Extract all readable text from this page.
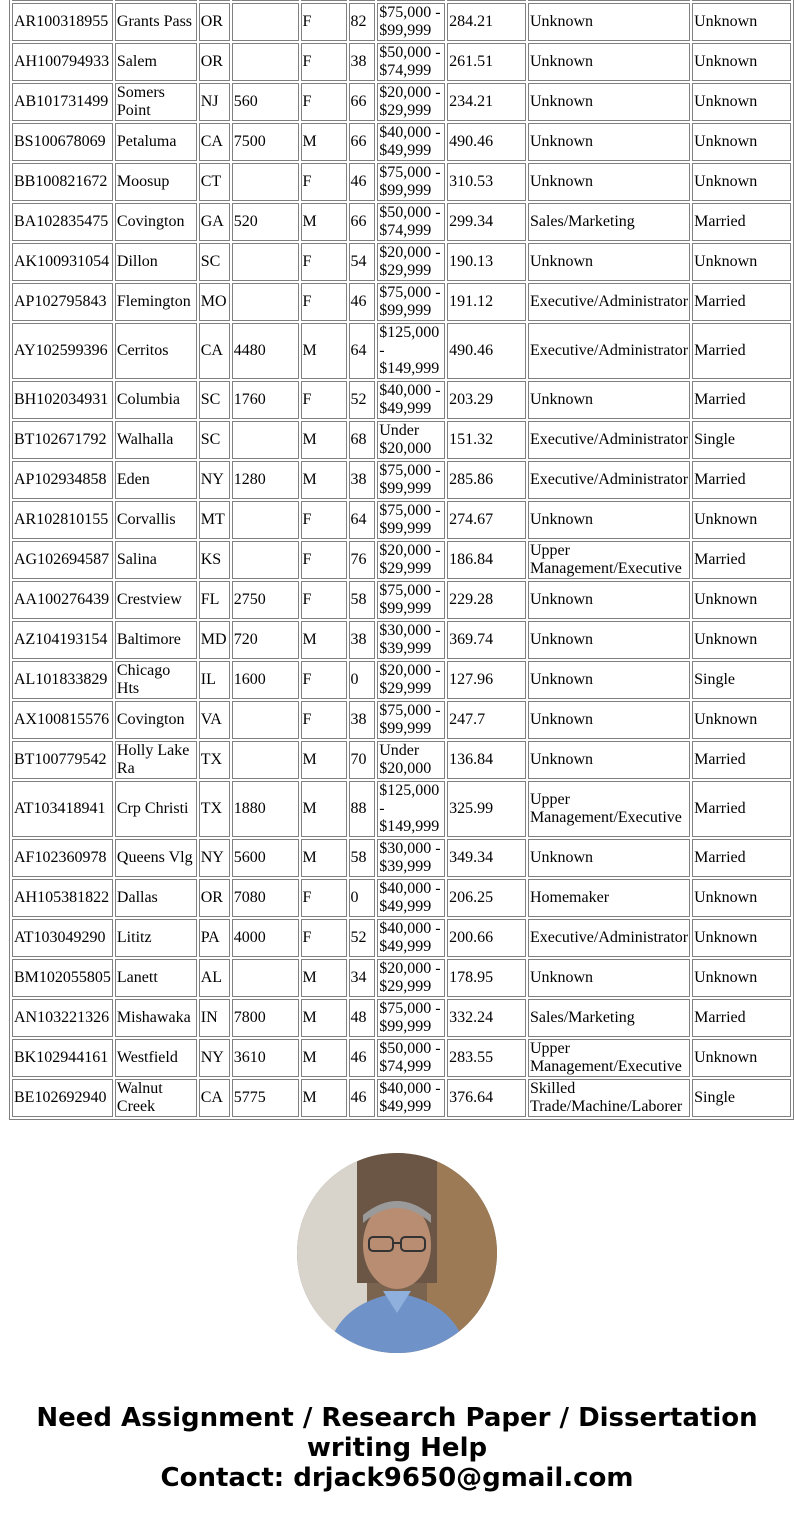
AR100318955	Grants Pass	OR		F	82	$75,000 - $99,999	284.21	Unknown	Unknown
AH100794933	Salem	OR		F	38	$50,000 - $74,999	261.51	Unknown	Unknown
AB101731499	Somers Point	NJ	560	F	66	$20,000 - $29,999	234.21	Unknown	Unknown
BS100678069	Petaluma	CA	7500	M	66	$40,000 - $49,999	490.46	Unknown	Unknown
BB100821672	Moosup	CT		F	46	$75,000 - $99,999	310.53	Unknown	Unknown
BA102835475	Covington	GA	520	M	66	$50,000 - $74,999	299.34	Sales/Marketing	Married
AK100931054	Dillon	SC		F	54	$20,000 - $29,999	190.13	Unknown	Unknown
AP102795843	Flemington	MO		F	46	$75,000 - $99,999	191.12	Executive/Administrator	Married
AY102599396	Cerritos	CA	4480	M	64	$125,000 - $149,999	490.46	Executive/Administrator	Married
BH102034931	Columbia	SC	1760	F	52	$40,000 - $49,999	203.29	Unknown	Married
BT102671792	Walhalla	SC		M	68	Under $20,000	151.32	Executive/Administrator	Single
AP102934858	Eden	NY	1280	M	38	$75,000 - $99,999	285.86	Executive/Administrator	Married
AR102810155	Corvallis	MT		F	64	$75,000 - $99,999	274.67	Unknown	Unknown
AG102694587	Salina	KS		F	76	$20,000 - $29,999	186.84	Upper Management/Executive	Married
AA100276439	Crestview	FL	2750	F	58	$75,000 - $99,999	229.28	Unknown	Unknown
AZ104193154	Baltimore	MD	720	M	38	$30,000 - $39,999	369.74	Unknown	Unknown
AL101833829	Chicago Hts	IL	1600	F	0	$20,000 - $29,999	127.96	Unknown	Single
AX100815576	Covington	VA		F	38	$75,000 - $99,999	247.7	Unknown	Unknown
BT100779542	Holly Lake Ra	TX		M	70	Under $20,000	136.84	Unknown	Married
AT103418941	Crp Christi	TX	1880	M	88	$125,000 - $149,999	325.99	Upper Management/Executive	Married
AF102360978	Queens Vlg	NY	5600	M	58	$30,000 - $39,999	349.34	Unknown	Married
AH105381822	Dallas	OR	7080	F	0	$40,000 - $49,999	206.25	Homemaker	Unknown
AT103049290	Lititz	PA	4000	F	52	$40,000 - $49,999	200.66	Executive/Administrator	Unknown
BM102055805	Lanett	AL		M	34	$20,000 - $29,999	178.95	Unknown	Unknown
AN103221326	Mishawaka	IN	7800	M	48	$75,000 - $99,999	332.24	Sales/Marketing	Married
BK102944161	Westfield	NY	3610	M	46	$50,000 - $74,999	283.55	Upper Management/Executive	Unknown
BE102692940	Walnut Creek	CA	5775	M	46	$40,000 - $49,999	376.64	Skilled Trade/Machine/Laborer	Single
Need Assignment / Research Paper / Dissertation
writing Help
Contact: drjack9650@gmail.com
